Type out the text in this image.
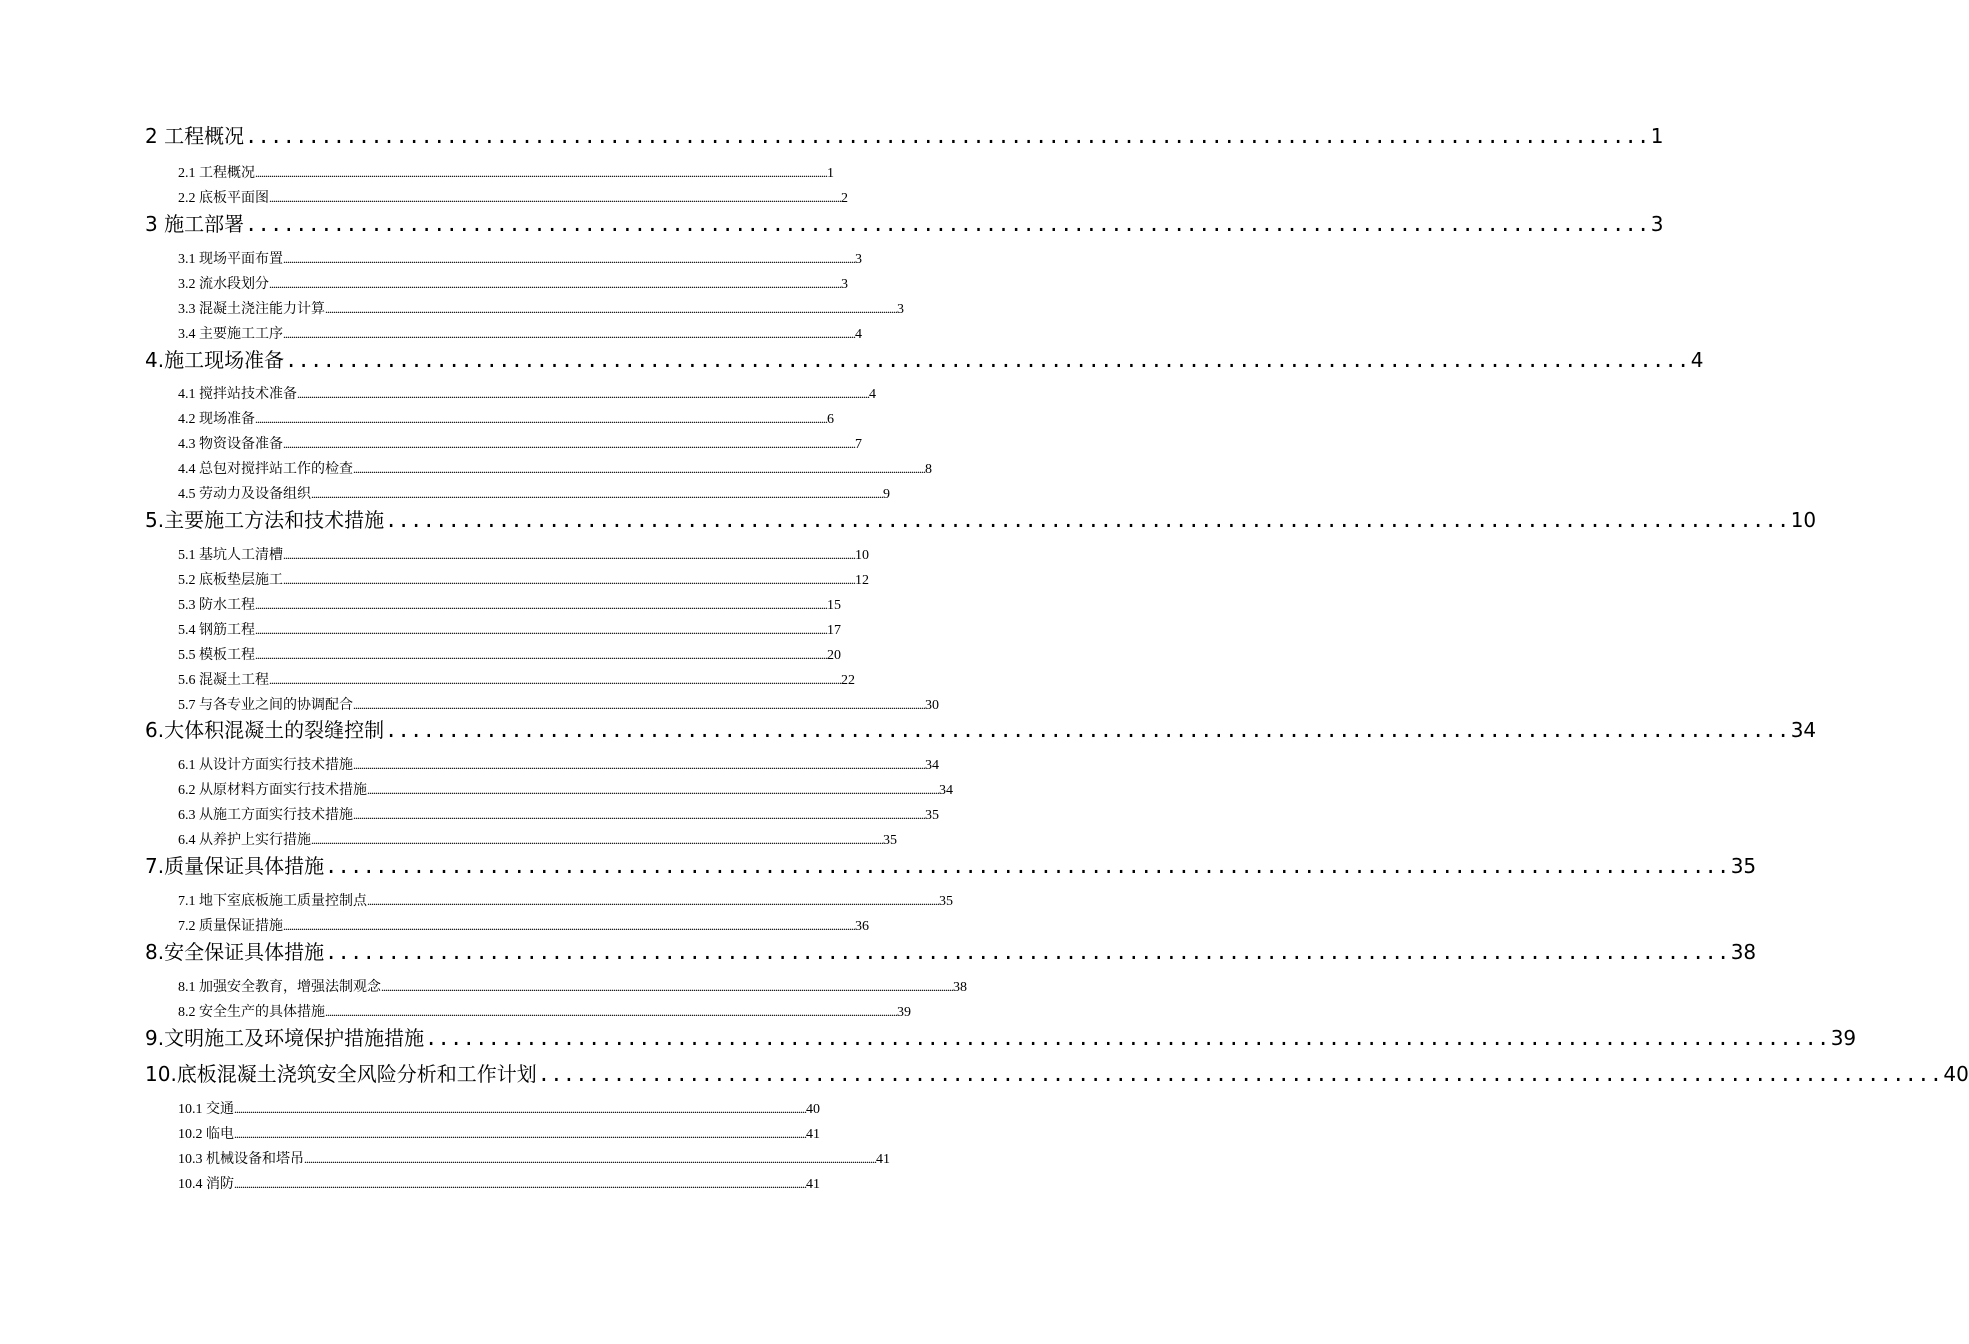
2 工程概况 ................................................................................................................ 1
2.1 工程概况 .............................................................................................................................................................................................................................................................................................. 1
2.2 底板平面图 .............................................................................................................................................................................................................................................................................................. 2
3 施工部署 ................................................................................................................ 3
3.1 现场平面布置 .............................................................................................................................................................................................................................................................................................. 3
3.2 流水段划分 .............................................................................................................................................................................................................................................................................................. 3
3.3 混凝土浇注能力计算 .............................................................................................................................................................................................................................................................................................. 3
3.4 主要施工工序 .............................................................................................................................................................................................................................................................................................. 4
4.施工现场准备 ................................................................................................................ 4
4.1 搅拌站技术准备 .............................................................................................................................................................................................................................................................................................. 4
4.2 现场准备 .............................................................................................................................................................................................................................................................................................. 6
4.3 物资设备准备 .............................................................................................................................................................................................................................................................................................. 7
4.4 总包对搅拌站工作的检查 .............................................................................................................................................................................................................................................................................................. 8
4.5 劳动力及设备组织 .............................................................................................................................................................................................................................................................................................. 9
5.主要施工方法和技术措施 ................................................................................................................ 10
5.1 基坑人工清槽 .............................................................................................................................................................................................................................................................................................. 10
5.2 底板垫层施工 .............................................................................................................................................................................................................................................................................................. 12
5.3 防水工程 .............................................................................................................................................................................................................................................................................................. 15
5.4 钢筋工程 .............................................................................................................................................................................................................................................................................................. 17
5.5 模板工程 .............................................................................................................................................................................................................................................................................................. 20
5.6 混凝土工程 .............................................................................................................................................................................................................................................................................................. 22
5.7 与各专业之间的协调配合 .............................................................................................................................................................................................................................................................................................. 30
6.大体积混凝土的裂缝控制 ................................................................................................................ 34
6.1 从设计方面实行技术措施 .............................................................................................................................................................................................................................................................................................. 34
6.2 从原材料方面实行技术措施 .............................................................................................................................................................................................................................................................................................. 34
6.3 从施工方面实行技术措施 .............................................................................................................................................................................................................................................................................................. 35
6.4 从养护上实行措施 .............................................................................................................................................................................................................................................................................................. 35
7.质量保证具体措施 ................................................................................................................ 35
7.1 地下室底板施工质量控制点 .............................................................................................................................................................................................................................................................................................. 35
7.2 质量保证措施 .............................................................................................................................................................................................................................................................................................. 36
8.安全保证具体措施 ................................................................................................................ 38
8.1 加强安全教育，增强法制观念 .............................................................................................................................................................................................................................................................................................. 38
8.2 安全生产的具体措施 .............................................................................................................................................................................................................................................................................................. 39
9.文明施工及环境保护措施措施 ................................................................................................................ 39
10.底板混凝土浇筑安全风险分析和工作计划 ................................................................................................................ 40
10.1 交通 .............................................................................................................................................................................................................................................................................................. 40
10.2 临电 .............................................................................................................................................................................................................................................................................................. 41
10.3 机械设备和塔吊 .............................................................................................................................................................................................................................................................................................. 41
10.4 消防 .............................................................................................................................................................................................................................................................................................. 41
